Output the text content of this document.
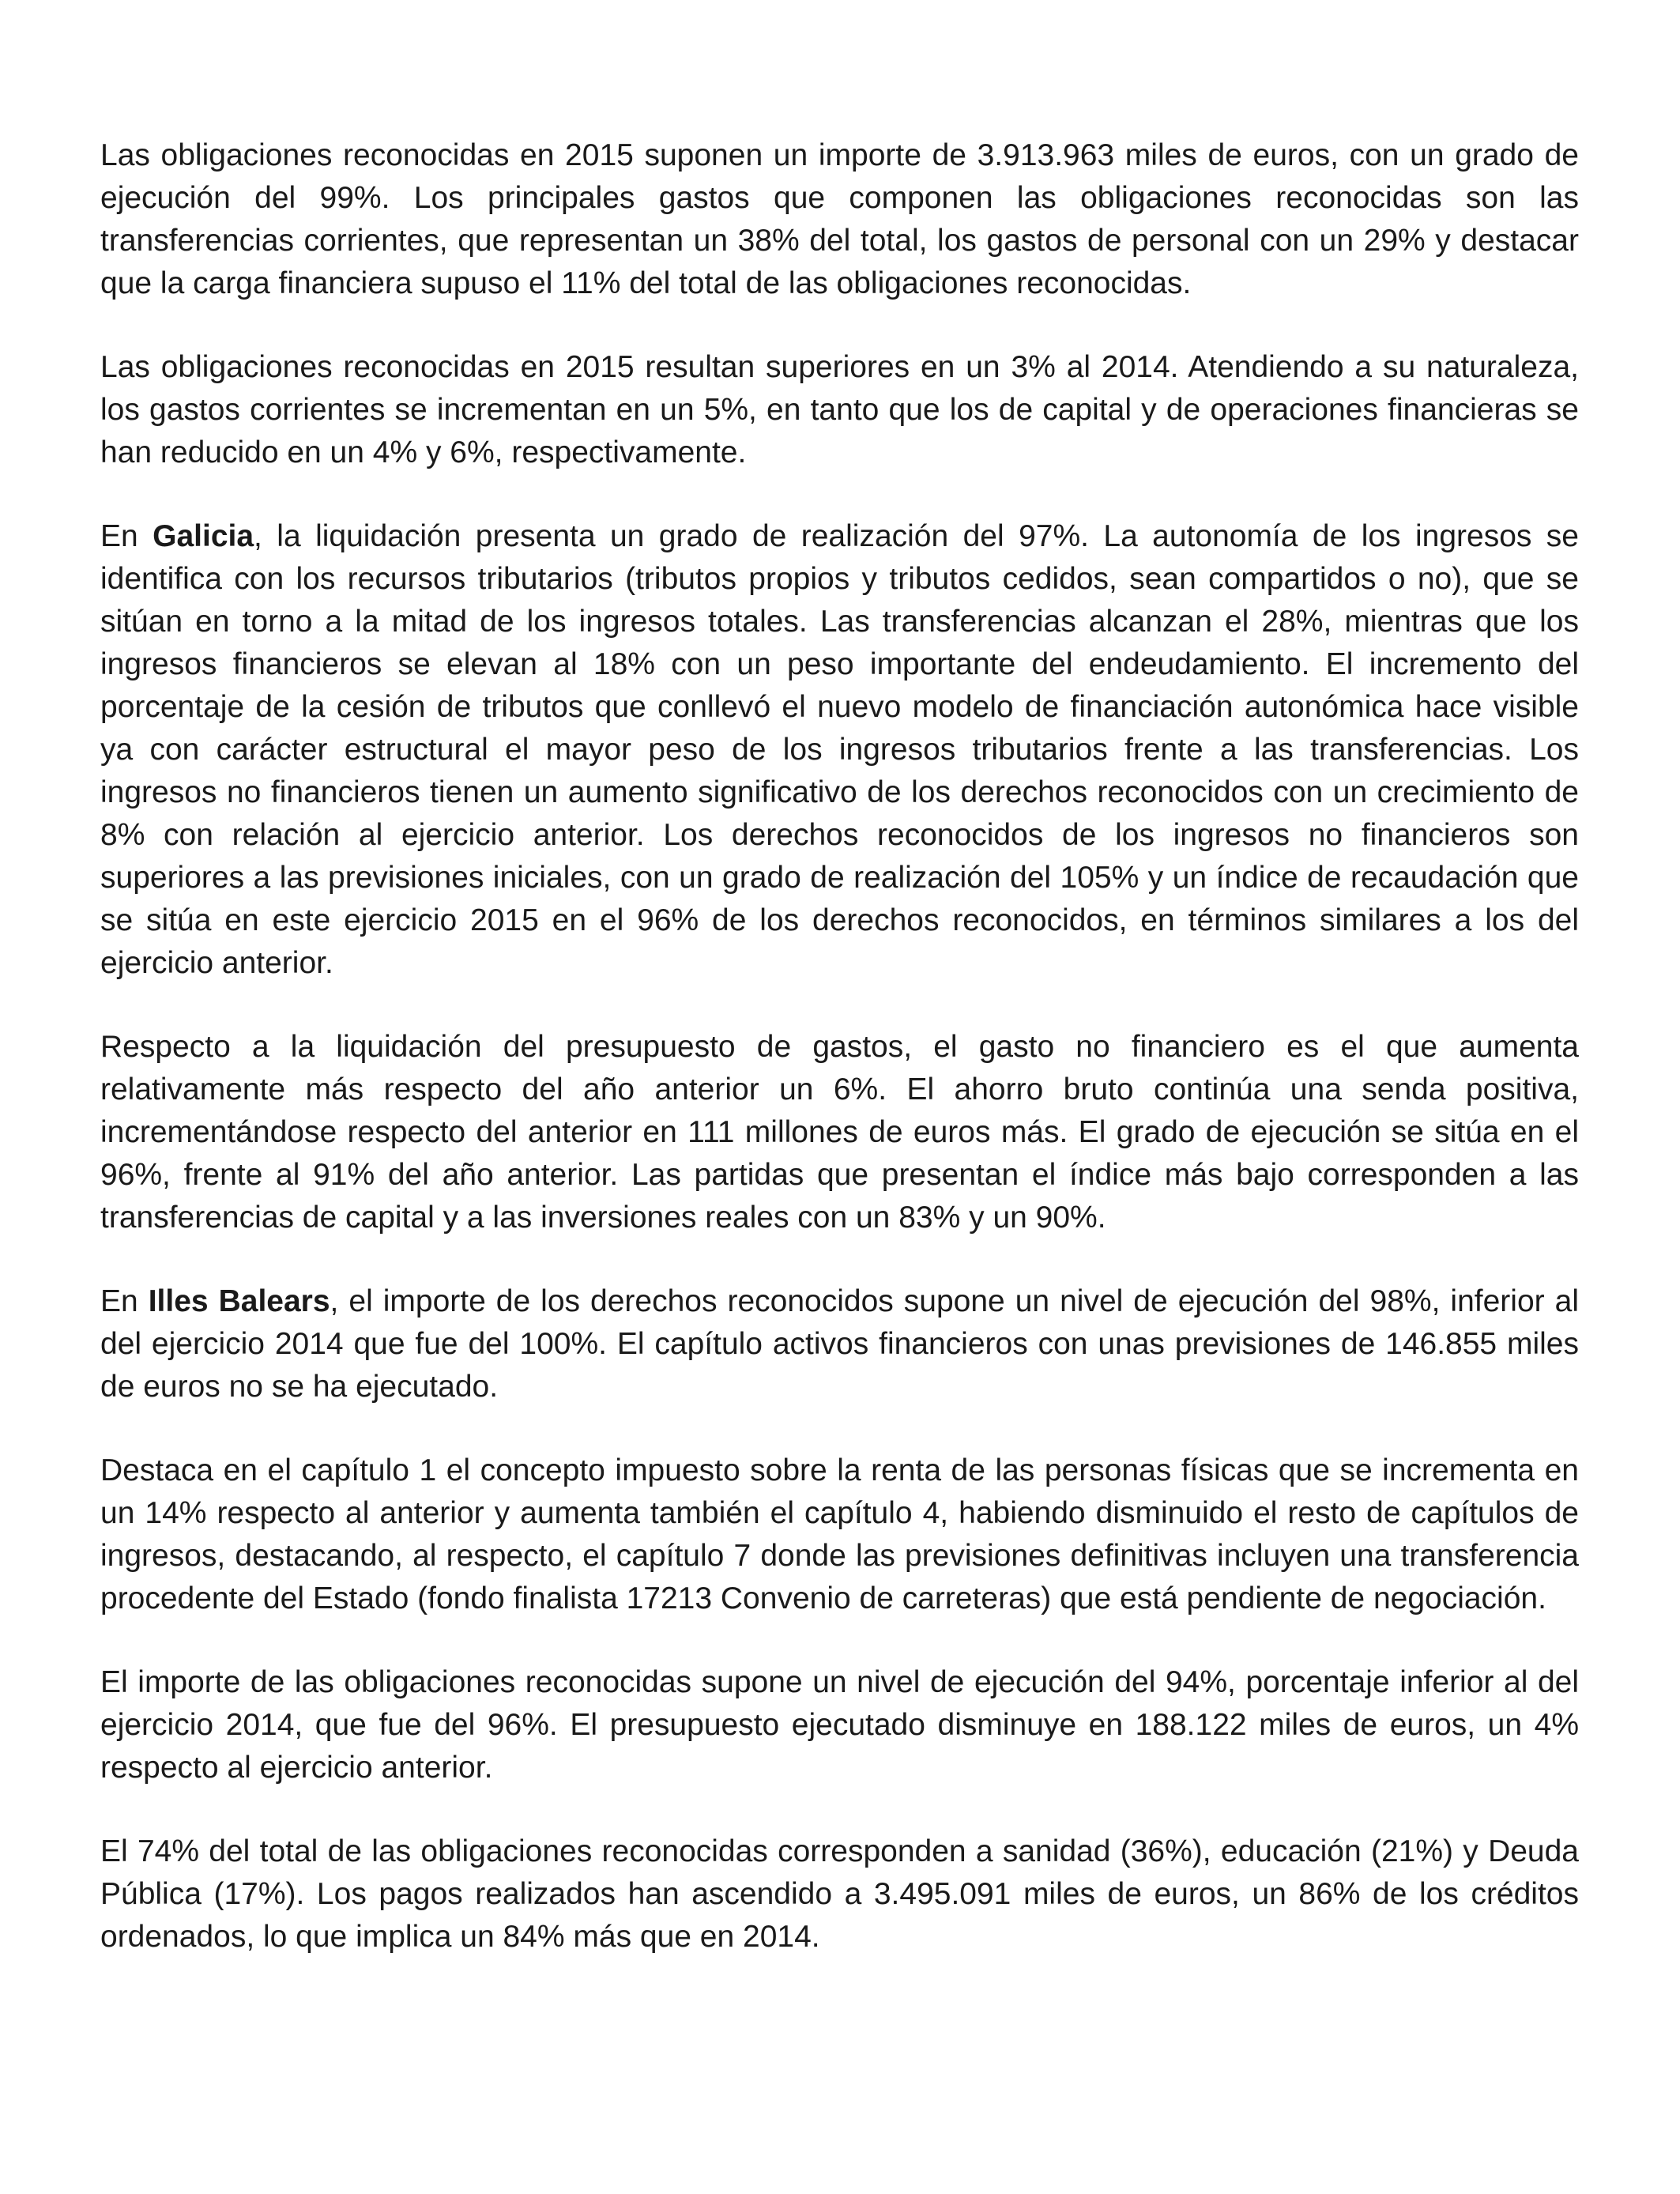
Las obligaciones reconocidas en 2015 suponen un importe de 3.913.963 miles de euros, con un grado de ejecución del 99%. Los principales gastos que componen las obligaciones reconocidas son las transferencias corrientes, que representan un 38% del total, los gastos de personal con un 29% y destacar que la carga financiera supuso el 11% del total de las obligaciones reconocidas.

Las obligaciones reconocidas en 2015 resultan superiores en un 3% al 2014. Atendiendo a su naturaleza, los gastos corrientes se incrementan en un 5%, en tanto que los de capital y de operaciones financieras se han reducido en un 4% y 6%, respectivamente.

En Galicia, la liquidación presenta un grado de realización del 97%. La autonomía de los ingresos se identifica con los recursos tributarios (tributos propios y tributos cedidos, sean compartidos o no), que se sitúan en torno a la mitad de los ingresos totales. Las transferencias alcanzan el 28%, mientras que los ingresos financieros se elevan al 18% con un peso importante del endeudamiento. El incremento del porcentaje de la cesión de tributos que conllevó el nuevo modelo de financiación autonómica hace visible ya con carácter estructural el mayor peso de los ingresos tributarios frente a las transferencias. Los ingresos no financieros tienen un aumento significativo de los derechos reconocidos con un crecimiento de 8% con relación al ejercicio anterior. Los derechos reconocidos de los ingresos no financieros son superiores a las previsiones iniciales, con un grado de realización del 105% y un índice de recaudación que se sitúa en este ejercicio 2015 en el 96% de los derechos reconocidos, en términos similares a los del ejercicio anterior.

Respecto a la liquidación del presupuesto de gastos, el gasto no financiero es el que aumenta relativamente más respecto del año anterior un 6%. El ahorro bruto continúa una senda positiva, incrementándose respecto del anterior en 111 millones de euros más. El grado de ejecución se sitúa en el 96%, frente al 91% del año anterior. Las partidas que presentan el índice más bajo corresponden a las transferencias de capital y a las inversiones reales con un 83% y un 90%.

En Illes Balears, el importe de los derechos reconocidos supone un nivel de ejecución del 98%, inferior al del ejercicio 2014 que fue del 100%. El capítulo activos financieros con unas previsiones de 146.855 miles de euros no se ha ejecutado.

Destaca en el capítulo 1 el concepto impuesto sobre la renta de las personas físicas que se incrementa en un 14% respecto al anterior y aumenta también el capítulo 4, habiendo disminuido el resto de capítulos de ingresos, destacando, al respecto, el capítulo 7 donde las previsiones definitivas incluyen una transferencia procedente del Estado (fondo finalista 17213 Convenio de carreteras) que está pendiente de negociación.

El importe de las obligaciones reconocidas supone un nivel de ejecución del 94%, porcentaje inferior al del ejercicio 2014, que fue del 96%. El presupuesto ejecutado disminuye en 188.122 miles de euros, un 4% respecto al ejercicio anterior.

El 74% del total de las obligaciones reconocidas corresponden a sanidad (36%), educación (21%) y Deuda Pública (17%). Los pagos realizados han ascendido a 3.495.091 miles de euros, un 86% de los créditos ordenados, lo que implica un 84% más que en 2014.
